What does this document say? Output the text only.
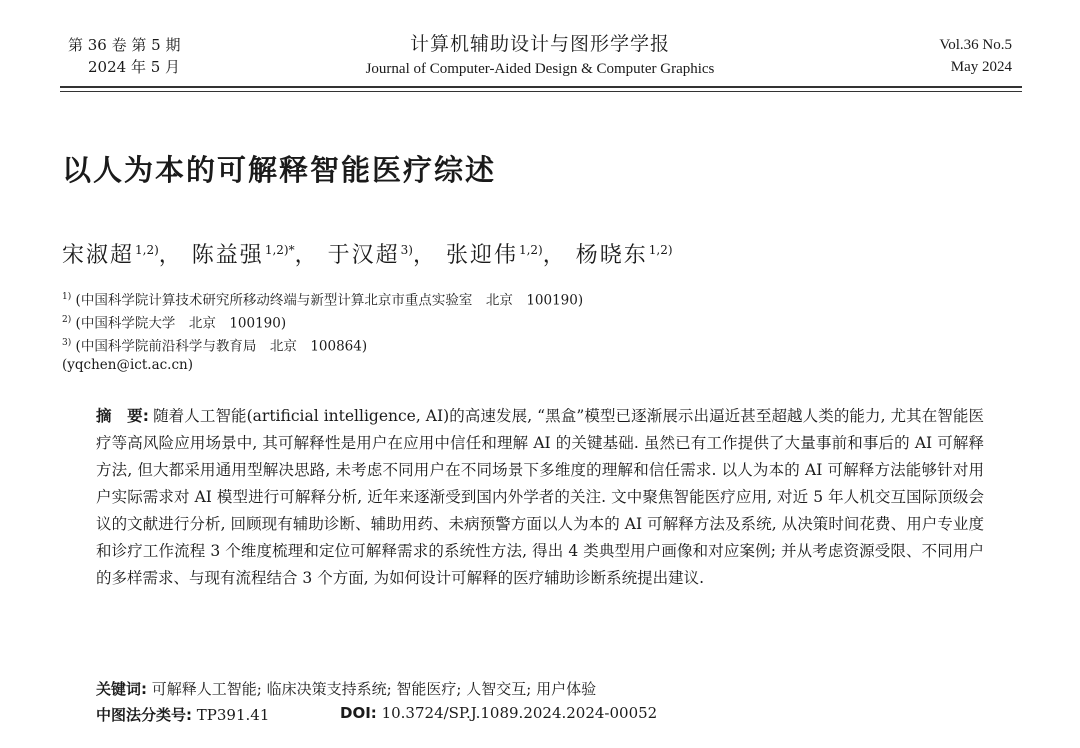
第 36 卷 第 5 期
2024 年 5 月
计算机辅助设计与图形学学报
Journal of Computer-Aided Design & Computer Graphics
Vol.36 No.5
May 2024
以人为本的可解释智能医疗综述
宋淑超$^{1,2)}$， 陈益强$^{1,2)*}$， 于汉超$^{3)}$， 张迎伟$^{1,2)}$， 杨晓东$^{1,2)}$
$^{1)}$ (中国科学院计算技术研究所移动终端与新型计算北京市重点实验室　北京　100190)
$^{2)}$ (中国科学院大学　北京　100190)
$^{3)}$ (中国科学院前沿科学与教育局　北京　100864)
(yqchen@ict.ac.cn)
摘　要: 随着人工智能(artificial intelligence, AI)的高速发展, “黑盒”模型已逐渐展示出逼近甚至超越人类的能力, 尤其在智能医疗等高风险应用场景中, 其可解释性是用户在应用中信任和理解 AI 的关键基础. 虽然已有工作提供了大量事前和事后的 AI 可解释方法, 但大都采用通用型解决思路, 未考虑不同用户在不同场景下多维度的理解和信任需求. 以人为本的 AI 可解释方法能够针对用户实际需求对 AI 模型进行可解释分析, 近年来逐渐受到国内外学者的关注. 文中聚焦智能医疗应用, 对近 5 年人机交互国际顶级会议的文献进行分析, 回顾现有辅助诊断、辅助用药、未病预警方面以人为本的 AI 可解释方法及系统, 从决策时间花费、用户专业度和诊疗工作流程 3 个维度梳理和定位可解释需求的系统性方法, 得出 4 类典型用户画像和对应案例; 并从考虑资源受限、不同用户的多样需求、与现有流程结合 3 个方面, 为如何设计可解释的医疗辅助诊断系统提出建议.
关键词: 可解释人工智能; 临床决策支持系统; 智能医疗; 人智交互; 用户体验
中图法分类号: TP391.41	DOI: 10.3724/SP.J.1089.2024.2024-00052
